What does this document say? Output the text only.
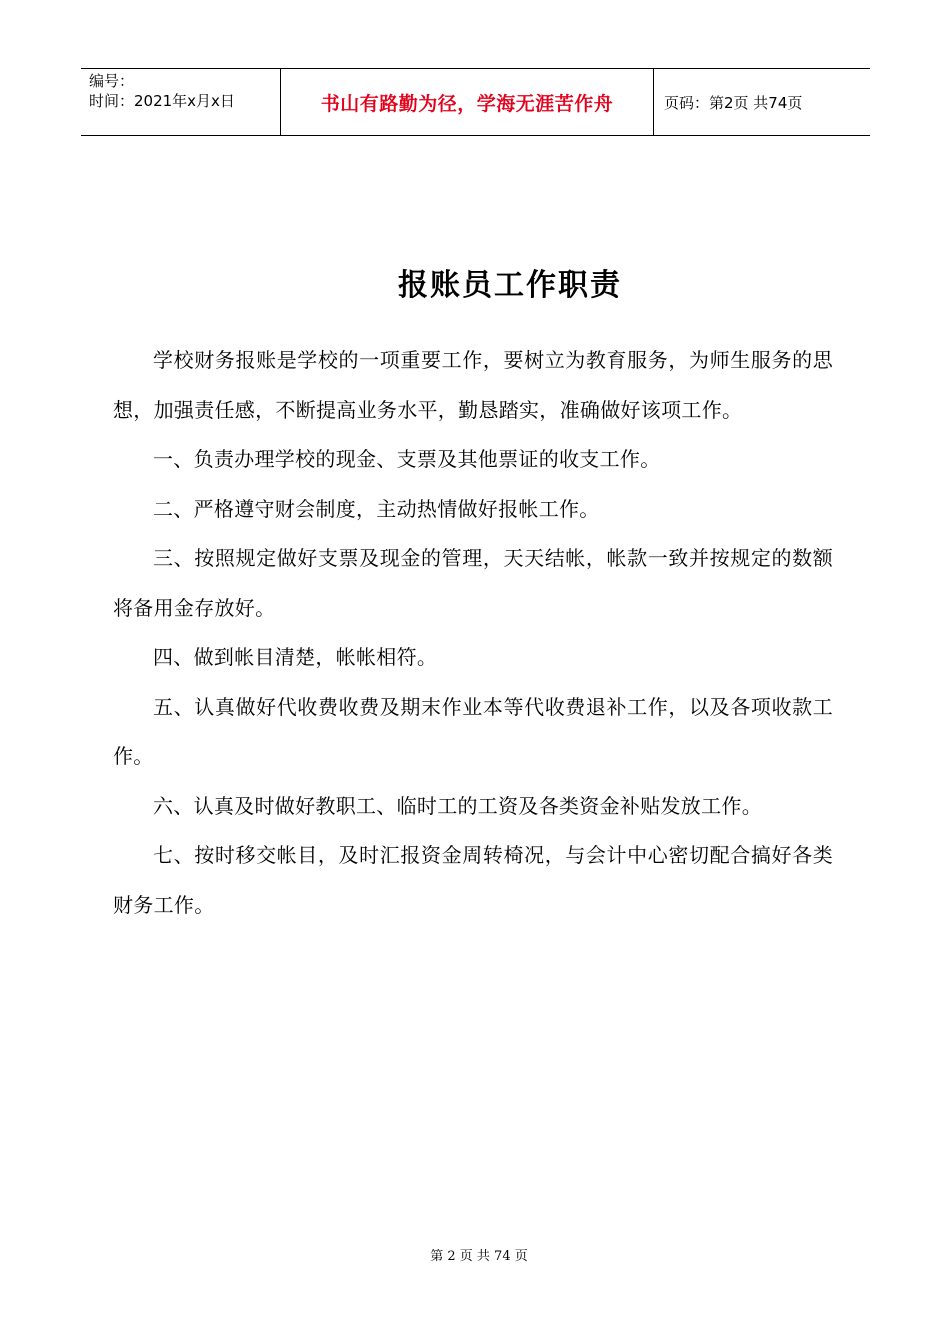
编号：
时间：2021年x月x日	书山有路勤为径，学海无涯苦作舟	页码：第2页 共74页
报账员工作职责

学校财务报账是学校的一项重要工作，要树立为教育服务，为师生服务的思想，加强责任感，不断提高业务水平，勤恳踏实，准确做好该项工作。

一、负责办理学校的现金、支票及其他票证的收支工作。

二、严格遵守财会制度，主动热情做好报帐工作。

三、按照规定做好支票及现金的管理，天天结帐，帐款一致并按规定的数额将备用金存放好。

四、做到帐目清楚，帐帐相符。

五、认真做好代收费收费及期末作业本等代收费退补工作，以及各项收款工作。

六、认真及时做好教职工、临时工的工资及各类资金补贴发放工作。

七、按时移交帐目，及时汇报资金周转椅况，与会计中心密切配合搞好各类财务工作。

第 2 页 共 74 页
